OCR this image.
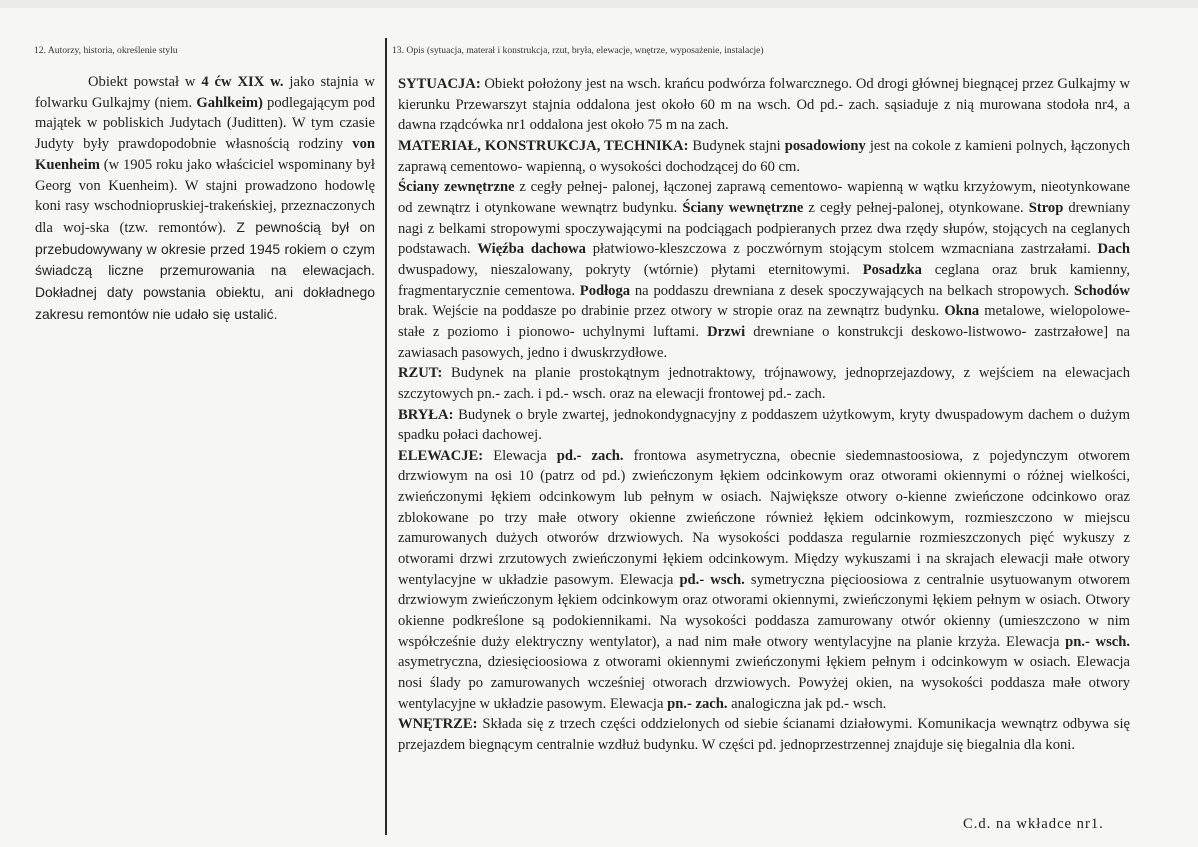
12. Autorzy, historia, określenie stylu	13. Opis (sytuacja, materał i konstrukcja, rzut, bryła, elewacje, wnętrze, wyposażenie, instalacje)

Obiekt powstał w 4 ćw XIX w. jako stajnia w folwarku Gulkajmy (niem. Gahlkeim) podlegającym pod majątek w pobliskich Judytach (Juditten). W tym czasie Judyty były prawdopodobnie własnością rodziny von Kuenheim (w 1905 roku jako właściciel wspominany był Georg von Kuenheim). W stajni prowadzono hodowlę koni rasy wschodniopruskiej-trakeńskiej, przeznaczonych dla woj-ska (tzw. remontów). Z pewnością był on przebudowywany w okresie przed 1945 rokiem o czym świadczą liczne przemurowania na elewacjach. Dokładnej daty powstania obiektu, ani dokładnego zakresu remontów nie udało się ustalić.

SYTUACJA: Obiekt położony jest na wsch. krańcu podwórza folwarcznego. Od drogi głównej biegnącej przez Gulkajmy w kierunku Przewarszyt stajnia oddalona jest około 60 m na wsch. Od pd.- zach. sąsiaduje z nią murowana stodoła nr4, a dawna rządcówka nr1 oddalona jest około 75 m na zach.

MATERIAŁ, KONSTRUKCJA, TECHNIKA: Budynek stajni posadowiony jest na cokole z kamieni polnych, łączonych zaprawą cementowo- wapienną, o wysokości dochodzącej do 60 cm.

Ściany zewnętrzne z cegły pełnej- palonej, łączonej zaprawą cementowo- wapienną w wątku krzyżowym, nieotynkowane od zewnątrz i otynkowane wewnątrz budynku. Ściany wewnętrzne z cegły pełnej-palonej, otynkowane. Strop drewniany nagi z belkami stropowymi spoczywającymi na podciągach podpieranych przez dwa rzędy słupów, stojących na ceglanych podstawach. Więźba dachowa płatwiowo-kleszczowa z poczwórnym stojącym stolcem wzmacniana zastrzałami. Dach dwuspadowy, nieszalowany, pokryty (wtórnie) płytami eternitowymi. Posadzka ceglana oraz bruk kamienny, fragmentarycznie cementowa. Podłoga na poddaszu drewniana z desek spoczywających na belkach stropowych. Schodów brak. Wejście na poddasze po drabinie przez otwory w stropie oraz na zewnątrz budynku. Okna metalowe, wielopolowe- stałe z poziomo i pionowo- uchylnymi luftami. Drzwi drewniane o konstrukcji deskowo-listwowo- zastrzałowe] na zawiasach pasowych, jedno i dwuskrzydłowe.

RZUT: Budynek na planie prostokątnym jednotraktowy, trójnawowy, jednoprzejazdowy, z wejściem na elewacjach szczytowych pn.- zach. i pd.- wsch. oraz na elewacji frontowej pd.- zach.

BRYŁA: Budynek o bryle zwartej, jednokondygnacyjny z poddaszem użytkowym, kryty dwuspadowym dachem o dużym spadku połaci dachowej.

ELEWACJE: Elewacja pd.- zach. frontowa asymetryczna, obecnie siedemnastoosiowa, z pojedynczym otworem drzwiowym na osi 10 (patrz od pd.) zwieńczonym łękiem odcinkowym oraz otworami okiennymi o różnej wielkości, zwieńczonymi łękiem odcinkowym lub pełnym w osiach. Największe otwory o-kienne zwieńczone odcinkowo oraz zblokowane po trzy małe otwory okienne zwieńczone również łękiem odcinkowym, rozmieszczono w miejscu zamurowanych dużych otworów drzwiowych. Na wysokości poddasza regularnie rozmieszczonych pięć wykuszy z otworami drzwi zrzutowych zwieńczonymi łękiem odcinkowym. Między wykuszami i na skrajach elewacji małe otwory wentylacyjne w układzie pasowym. Elewacja pd.- wsch. symetryczna pięcioosiowa z centralnie usytuowanym otworem drzwiowym zwieńczonym łękiem odcinkowym oraz otworami okiennymi, zwieńczonymi łękiem pełnym w osiach. Otwory okienne podkreślone są podokiennikami. Na wysokości poddasza zamurowany otwór okienny (umieszczono w nim współcześnie duży elektryczny wentylator), a nad nim małe otwory wentylacyjne na planie krzyża. Elewacja pn.- wsch. asymetryczna, dziesięcioosiowa z otworami okiennymi zwieńczonymi łękiem pełnym i odcinkowym w osiach. Elewacja nosi ślady po zamurowanych wcześniej otworach drzwiowych. Powyżej okien, na wysokości poddasza małe otwory wentylacyjne w układzie pasowym. Elewacja pn.- zach. analogiczna jak pd.- wsch.

WNĘTRZE: Składa się z trzech części oddzielonych od siebie ścianami działowymi. Komunikacja wewnątrz odbywa się przejazdem biegnącym centralnie wzdłuż budynku. W części pd. jednoprzestrzennej znajduje się biegalnia dla koni.

C.d. na wkładce nr1.
